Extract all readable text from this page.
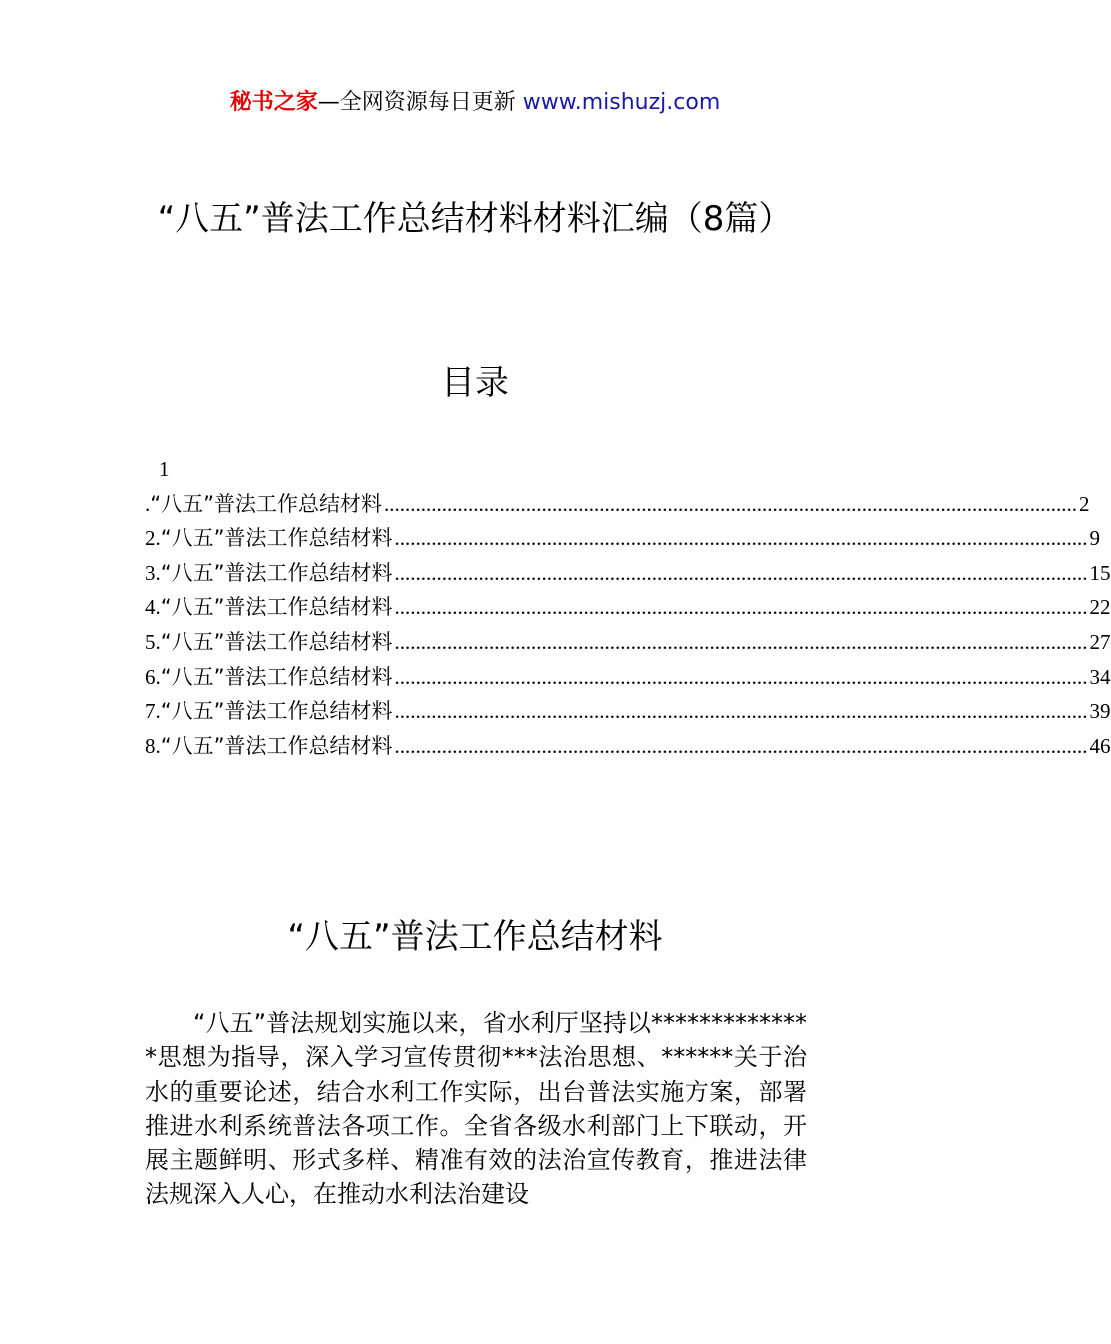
秘书之家—全网资源每日更新 www.mishuzj.com
“八五”普法工作总结材料材料汇编（8篇）
目录
1
. “八五”普法工作总结材料 .................................................................................................................................... 2
2. “八五”普法工作总结材料 .................................................................................................................................... 9
3. “八五”普法工作总结材料 .................................................................................................................................... 15
4. “八五”普法工作总结材料 .................................................................................................................................... 22
5. “八五”普法工作总结材料 .................................................................................................................................... 27
6. “八五”普法工作总结材料 .................................................................................................................................... 34
7. “八五”普法工作总结材料 .................................................................................................................................... 39
8. “八五”普法工作总结材料 .................................................................................................................................... 46
“八五”普法工作总结材料

“八五”普法规划实施以来，省水利厅坚持以**************思想为指导，深入学习宣传贯彻***法治思想、******关于治水的重要论述，结合水利工作实际，出台普法实施方案，部署推进水利系统普法各项工作。全省各级水利部门上下联动，开展主题鲜明、形式多样、精准有效的法治宣传教育，推进法律法规深入人心，在推动水利法治建设
